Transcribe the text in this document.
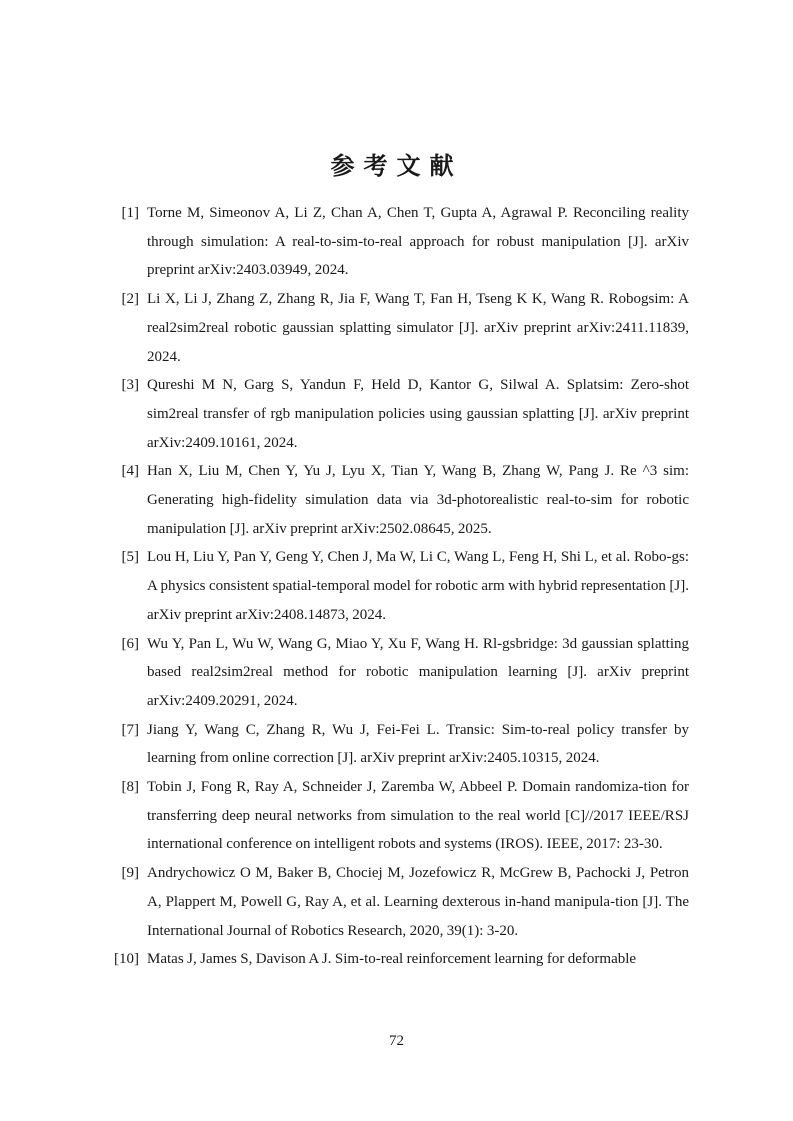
参考文献
[1] Torne M, Simeonov A, Li Z, Chan A, Chen T, Gupta A, Agrawal P. Reconciling reality through simulation: A real-to-sim-to-real approach for robust manipulation [J]. arXiv preprint arXiv:2403.03949, 2024.
[2] Li X, Li J, Zhang Z, Zhang R, Jia F, Wang T, Fan H, Tseng K K, Wang R. Robogsim: A real2sim2real robotic gaussian splatting simulator [J]. arXiv preprint arXiv:2411.11839, 2024.
[3] Qureshi M N, Garg S, Yandun F, Held D, Kantor G, Silwal A. Splatsim: Zero-shot sim2real transfer of rgb manipulation policies using gaussian splatting [J]. arXiv preprint arXiv:2409.10161, 2024.
[4] Han X, Liu M, Chen Y, Yu J, Lyu X, Tian Y, Wang B, Zhang W, Pang J. Re ^3 sim: Generating high-fidelity simulation data via 3d-photorealistic real-to-sim for robotic manipulation [J]. arXiv preprint arXiv:2502.08645, 2025.
[5] Lou H, Liu Y, Pan Y, Geng Y, Chen J, Ma W, Li C, Wang L, Feng H, Shi L, et al. Robo-gs: A physics consistent spatial-temporal model for robotic arm with hybrid representation [J]. arXiv preprint arXiv:2408.14873, 2024.
[6] Wu Y, Pan L, Wu W, Wang G, Miao Y, Xu F, Wang H. Rl-gsbridge: 3d gaussian splatting based real2sim2real method for robotic manipulation learning [J]. arXiv preprint arXiv:2409.20291, 2024.
[7] Jiang Y, Wang C, Zhang R, Wu J, Fei-Fei L. Transic: Sim-to-real policy transfer by learning from online correction [J]. arXiv preprint arXiv:2405.10315, 2024.
[8] Tobin J, Fong R, Ray A, Schneider J, Zaremba W, Abbeel P. Domain randomiza-tion for transferring deep neural networks from simulation to the real world [C]//2017 IEEE/RSJ international conference on intelligent robots and systems (IROS). IEEE, 2017: 23-30.
[9] Andrychowicz O M, Baker B, Chociej M, Jozefowicz R, McGrew B, Pachocki J, Petron A, Plappert M, Powell G, Ray A, et al. Learning dexterous in-hand manipula-tion [J]. The International Journal of Robotics Research, 2020, 39(1): 3-20.
[10] Matas J, James S, Davison A J. Sim-to-real reinforcement learning for deformable
72
